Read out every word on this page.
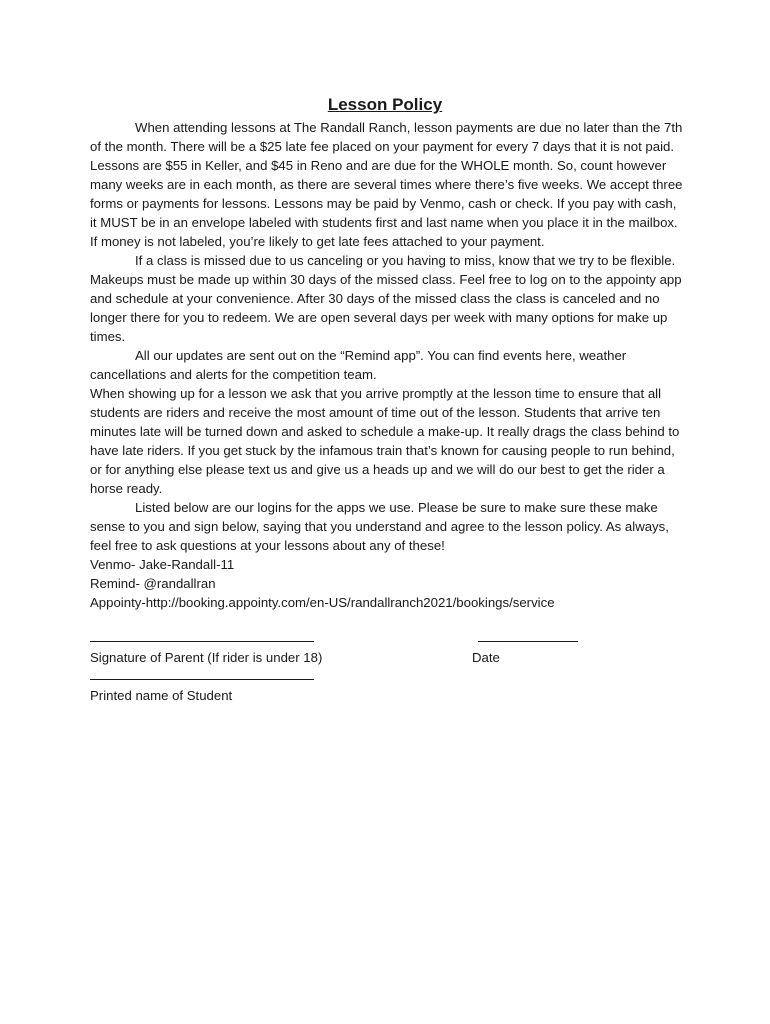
Lesson Policy

When attending lessons at The Randall Ranch, lesson payments are due no later than the 7th of the month. There will be a $25 late fee placed on your payment for every 7 days that it is not paid. Lessons are $55 in Keller, and $45 in Reno and are due for the WHOLE month. So, count however many weeks are in each month, as there are several times where there’s five weeks. We accept three forms or payments for lessons. Lessons may be paid by Venmo, cash or check. If you pay with cash, it MUST be in an envelope labeled with students first and last name when you place it in the mailbox. If money is not labeled, you’re likely to get late fees attached to your payment.

If a class is missed due to us canceling or you having to miss, know that we try to be flexible. Makeups must be made up within 30 days of the missed class. Feel free to log on to the appointy app and schedule at your convenience. After 30 days of the missed class the class is canceled and no longer there for you to redeem. We are open several days per week with many options for make up times.

All our updates are sent out on the “Remind app”. You can find events here, weather cancellations and alerts for the competition team.

When showing up for a lesson we ask that you arrive promptly at the lesson time to ensure that all students are riders and receive the most amount of time out of the lesson. Students that arrive ten minutes late will be turned down and asked to schedule a make-up. It really drags the class behind to have late riders. If you get stuck by the infamous train that’s known for causing people to run behind, or for anything else please text us and give us a heads up and we will do our best to get the rider a horse ready.

Listed below are our logins for the apps we use. Please be sure to make sure these make sense to you and sign below, saying that you understand and agree to the lesson policy. As always, feel free to ask questions at your lessons about any of these!

Venmo- Jake-Randall-11

Remind- @randallran

Appointy-http://booking.appointy.com/en-US/randallranch2021/bookings/service

Signature of Parent (If rider is under 18)	Date
Printed name of Student
